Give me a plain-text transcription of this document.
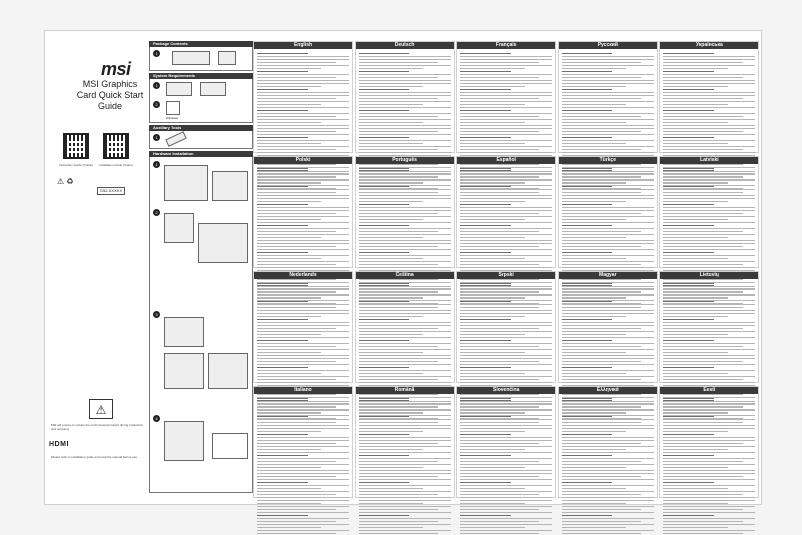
msi
MSI Graphics Card Quick Start Guide
Instruction Guide (Online)	Installation Guide (Video)
⚠ ♻
G52-XXXXX
⚠
MSI will ensure to reduce the environmental impact during production and recycling.
HDMI
Please refer to installation guide and read the manual before use.
Package Contents
1
System Requirements
1
2
Windows
Auxiliary Tools
1
Hardware Installation
1
2
3
4
English	Deutsch	Français	Русский	Українська
Polski	Português	Español	Türkçe	Latviski
Nederlands	Čeština	Srpski	Magyar	Lietuvių
Italiano	Română	Slovenčina	Ελληνικά	Eesti
